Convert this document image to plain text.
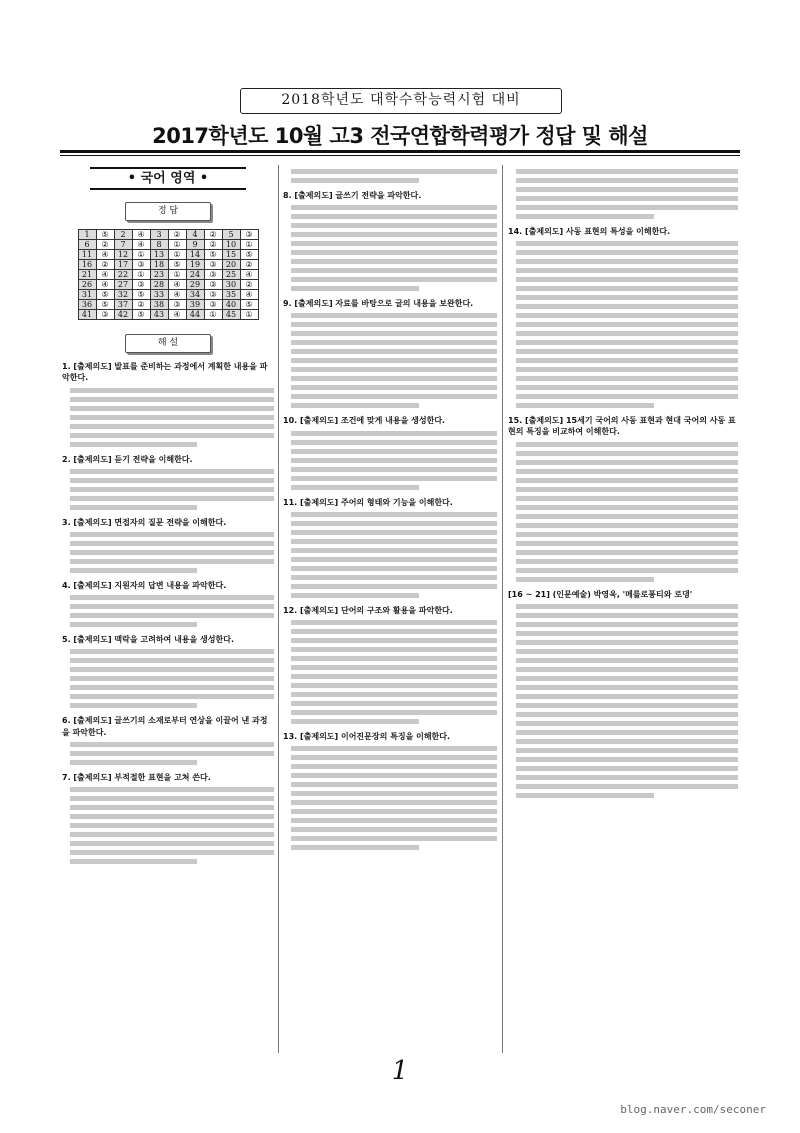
2018학년도 대학수학능력시험 대비
2017학년도 10월 고3 전국연합학력평가 정답 및 해설
• 국어 영역 •
정 답
1	⑤	2	④	3	②	4	②	5	③
6	②	7	④	8	①	9	②	10	①
11	④	12	①	13	①	14	⑤	15	⑤
16	②	17	③	18	⑤	19	③	20	②
21	④	22	①	23	①	24	③	25	④
26	④	27	③	28	④	29	③	30	②
31	⑤	32	⑤	33	④	34	③	35	④
36	⑤	37	②	38	③	39	③	40	⑤
41	③	42	⑤	43	④	44	①	45	①
해 설
1. [출제의도] 발표를 준비하는 과정에서 계획한 내용을 파악한다.
2. [출제의도] 듣기 전략을 이해한다.
3. [출제의도] 면접자의 질문 전략을 이해한다.
4. [출제의도] 지원자의 답변 내용을 파악한다.
5. [출제의도] 맥락을 고려하여 내용을 생성한다.
6. [출제의도] 글쓰기의 소재로부터 연상을 이끌어 낸 과정을 파악한다.
7. [출제의도] 부적절한 표현을 고쳐 쓴다.
8. [출제의도] 글쓰기 전략을 파악한다.
9. [출제의도] 자료를 바탕으로 글의 내용을 보완한다.
10. [출제의도] 조건에 맞게 내용을 생성한다.
11. [출제의도] 주어의 형태와 기능을 이해한다.
12. [출제의도] 단어의 구조와 활용을 파악한다.
13. [출제의도] 이어진문장의 특징을 이해한다.
14. [출제의도] 사동 표현의 특성을 이해한다.
15. [출제의도] 15세기 국어의 사동 표현과 현대 국어의 사동 표현의 특징을 비교하여 이해한다.
[16 ~ 21] (인문예술) 박영욱, '메를로퐁티와 로댕'
1
blog.naver.com/seconer
